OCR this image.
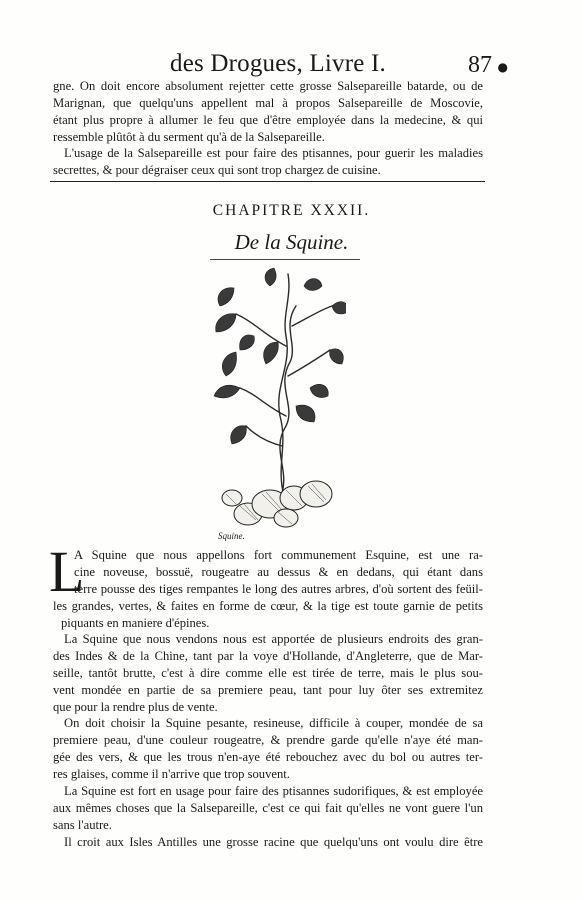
des Drogues, Livre I.	87 ●
gne. On doit encore absolument rejetter cette grosse Salsepareille batarde, ou de
Marignan, que quelqu'uns appellent mal à propos Salsepareille de Moscovie,
étant plus propre à allumer le feu que d'être employée dans la medecine, & qui
ressemble plûtôt à du serment qu'à de la Salsepareille.
L'usage de la Salsepareille est pour faire des ptisannes, pour guerir les maladies
secrettes, & pour dégraiser ceux qui sont trop chargez de cuisine.
CHAPITRE XXXII.
De la Squine.
Squine.
L
A Squine que nous appellons fort communement Esquine, est une ra-
cine noveuse, bossuë, rougeatre au dessus & en dedans, qui étant dans
terre pousse des tiges rempantes le long des autres arbres, d'où sortent des feüil-
les grandes, vertes, & faites en forme de cœur, & la tige est toute garnie de petits
piquants en maniere d'épines.
La Squine que nous vendons nous est apportée de plusieurs endroits des gran-
des Indes & de la Chine, tant par la voye d'Hollande, d'Angleterre, que de Mar-
seille, tantôt brutte, c'est à dire comme elle est tirée de terre, mais le plus sou-
vent mondée en partie de sa premiere peau, tant pour luy ôter ses extremitez
que pour la rendre plus de vente.
On doit choisir la Squine pesante, resineuse, difficile à couper, mondée de sa
premiere peau, d'une couleur rougeatre, & prendre garde qu'elle n'aye été man-
gée des vers, & que les trous n'en-aye été rebouchez avec du bol ou autres ter-
res glaises, comme il n'arrive que trop souvent.
La Squine est fort en usage pour faire des ptisannes sudorifiques, & est employée
aux mêmes choses que la Salsepareille, c'est ce qui fait qu'elles ne vont guere l'un
sans l'autre.
Il croit aux Isles Antilles une grosse racine que quelqu'uns ont voulu dire être
